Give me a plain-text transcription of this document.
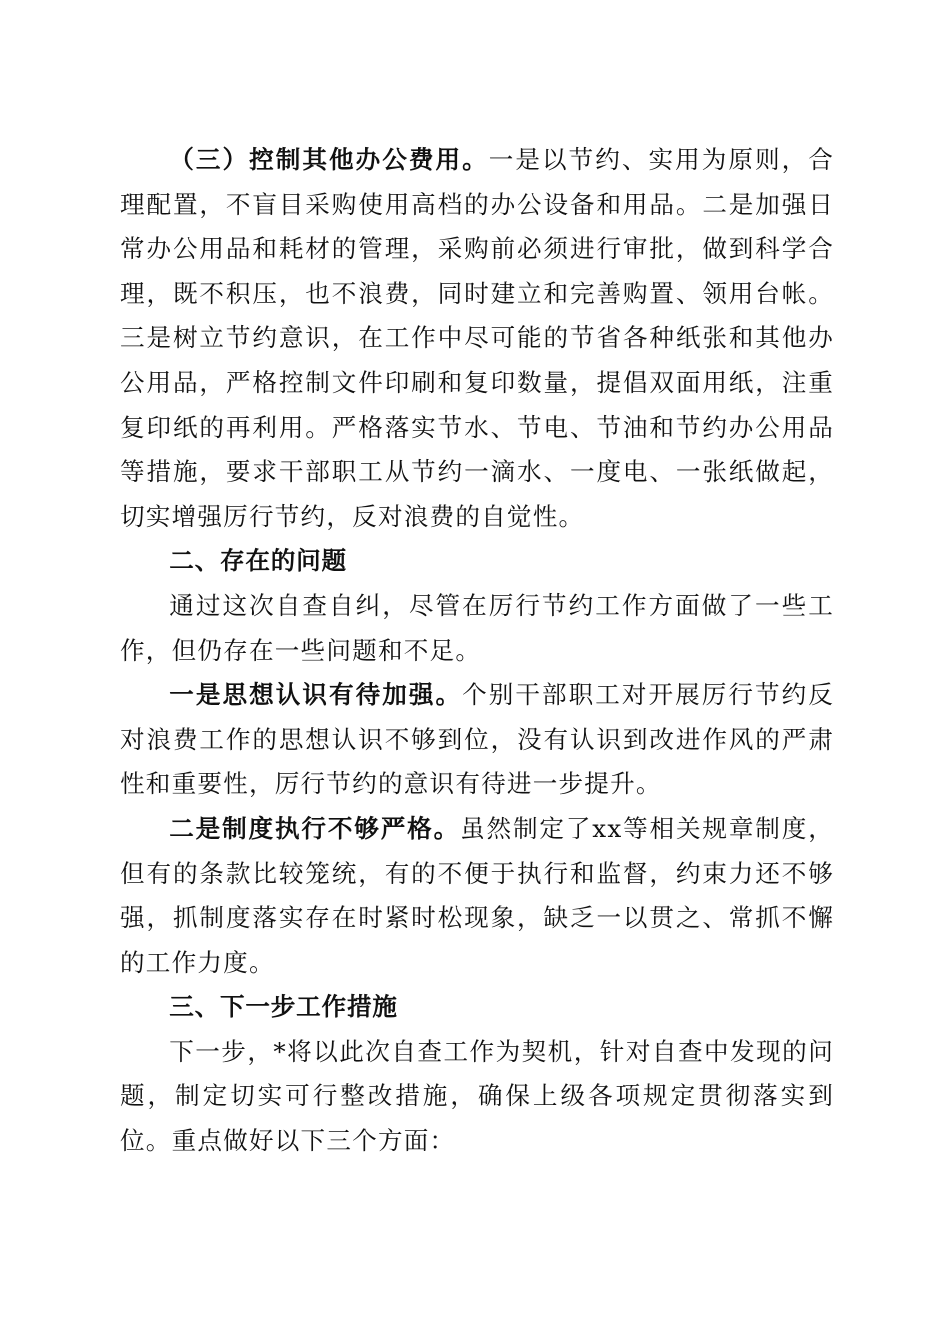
（三）控制其他办公费用。一是以节约、实用为原则，合理配置，不盲目采购使用高档的办公设备和用品。二是加强日常办公用品和耗材的管理，采购前必须进行审批，做到科学合理，既不积压，也不浪费，同时建立和完善购置、领用台帐。三是树立节约意识，在工作中尽可能的节省各种纸张和其他办公用品，严格控制文件印刷和复印数量，提倡双面用纸，注重复印纸的再利用。严格落实节水、节电、节油和节约办公用品等措施，要求干部职工从节约一滴水、一度电、一张纸做起，切实增强厉行节约，反对浪费的自觉性。

二、存在的问题

通过这次自查自纠，尽管在厉行节约工作方面做了一些工作，但仍存在一些问题和不足。

一是思想认识有待加强。个别干部职工对开展厉行节约反对浪费工作的思想认识不够到位，没有认识到改进作风的严肃性和重要性，厉行节约的意识有待进一步提升。

二是制度执行不够严格。虽然制定了xx等相关规章制度，但有的条款比较笼统，有的不便于执行和监督，约束力还不够强，抓制度落实存在时紧时松现象，缺乏一以贯之、常抓不懈的工作力度。

三、下一步工作措施

下一步，*将以此次自查工作为契机，针对自查中发现的问题，制定切实可行整改措施，确保上级各项规定贯彻落实到位。重点做好以下三个方面：
